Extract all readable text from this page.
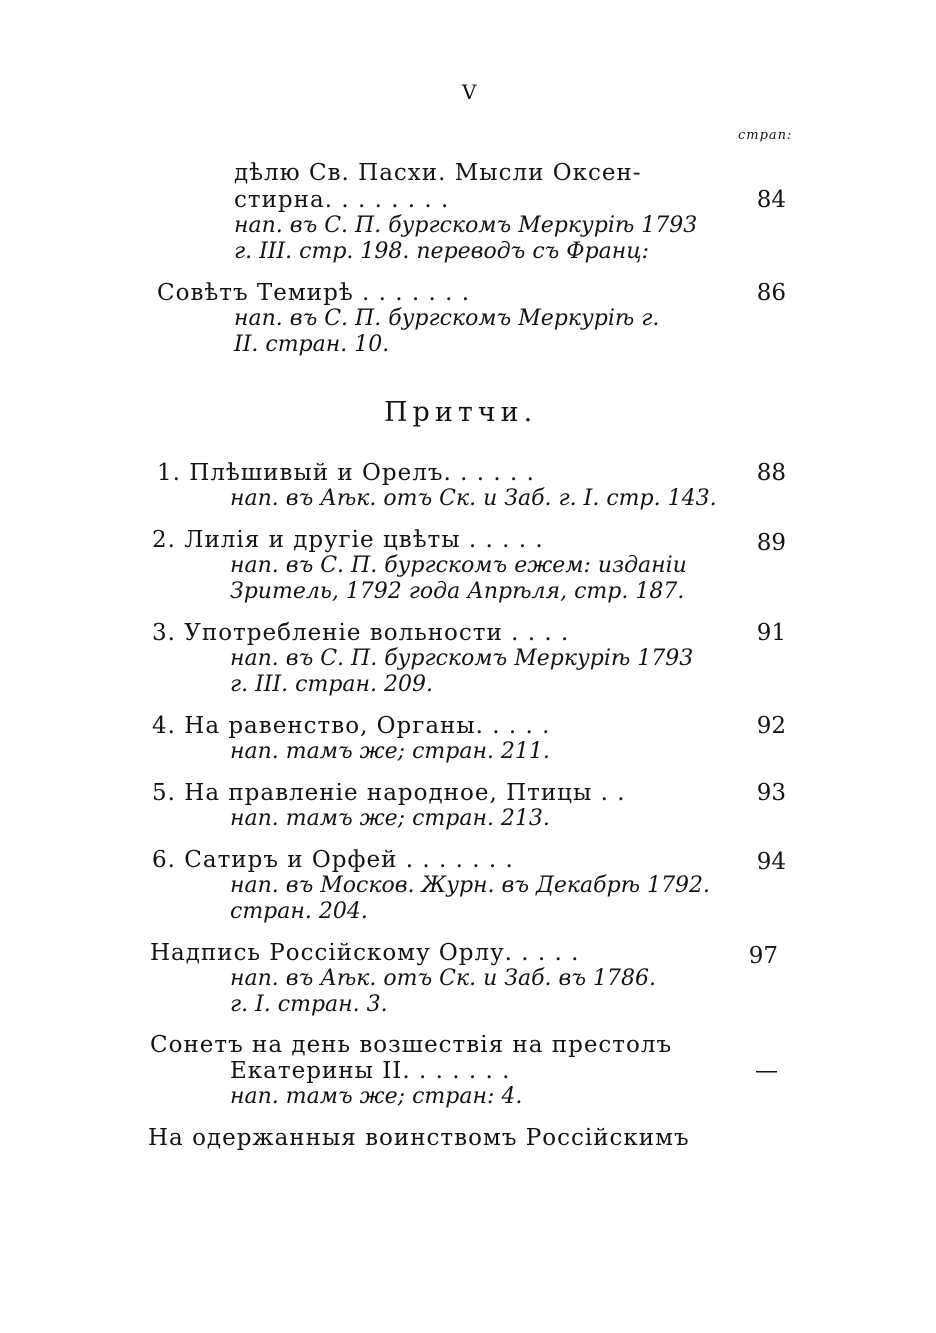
V
страп:
дѣлю Св. Пасхи. Мысли Оксен-
стирна. . . . . . . .	84
нап. въ С. П. бургскомъ Меркурiѣ 1793
г. III. стр. 198. переводъ съ Франц:
Совѣтъ Темирѣ . . . . . . .	86
нап. въ С. П. бургскомъ Меркурiѣ г.
II. стран. 10.
Притчи.
1. Плѣшивый и Орелъ. . . . . .	88
нап. въ Аѣк. отъ Ск. и Заб. г. I. стр. 143.
2. Лилiя и другiе цвѣты . . . . .	89
нап. въ С. П. бургскомъ ежем: изданiи
Зритель, 1792 года Апрѣля, стр. 187.
3. Употребленiе вольности . . . .	91
нап. въ С. П. бургскомъ Меркурiѣ 1793
г. III. стран. 209.
4. На равенство, Органы. . . . .	92
нап. тамъ же; стран. 211.
5. На правленiе народное, Птицы . .	93
нап. тамъ же; стран. 213.
6. Сатиръ и Орфей . . . . . . .	94
нап. въ Москов. Журн. въ Декабрѣ 1792.
стран. 204.
Надпись Россiйскому Орлу. . . . .	97
нап. въ Аѣк. отъ Ск. и Заб. въ 1786.
г. I. стран. 3.
Сонетъ на день возшествiя на престолъ
Екатерины II. . . . . . .	—
нап. тамъ же; стран: 4.
На одержанныя воинствомъ Россiйскимъ
